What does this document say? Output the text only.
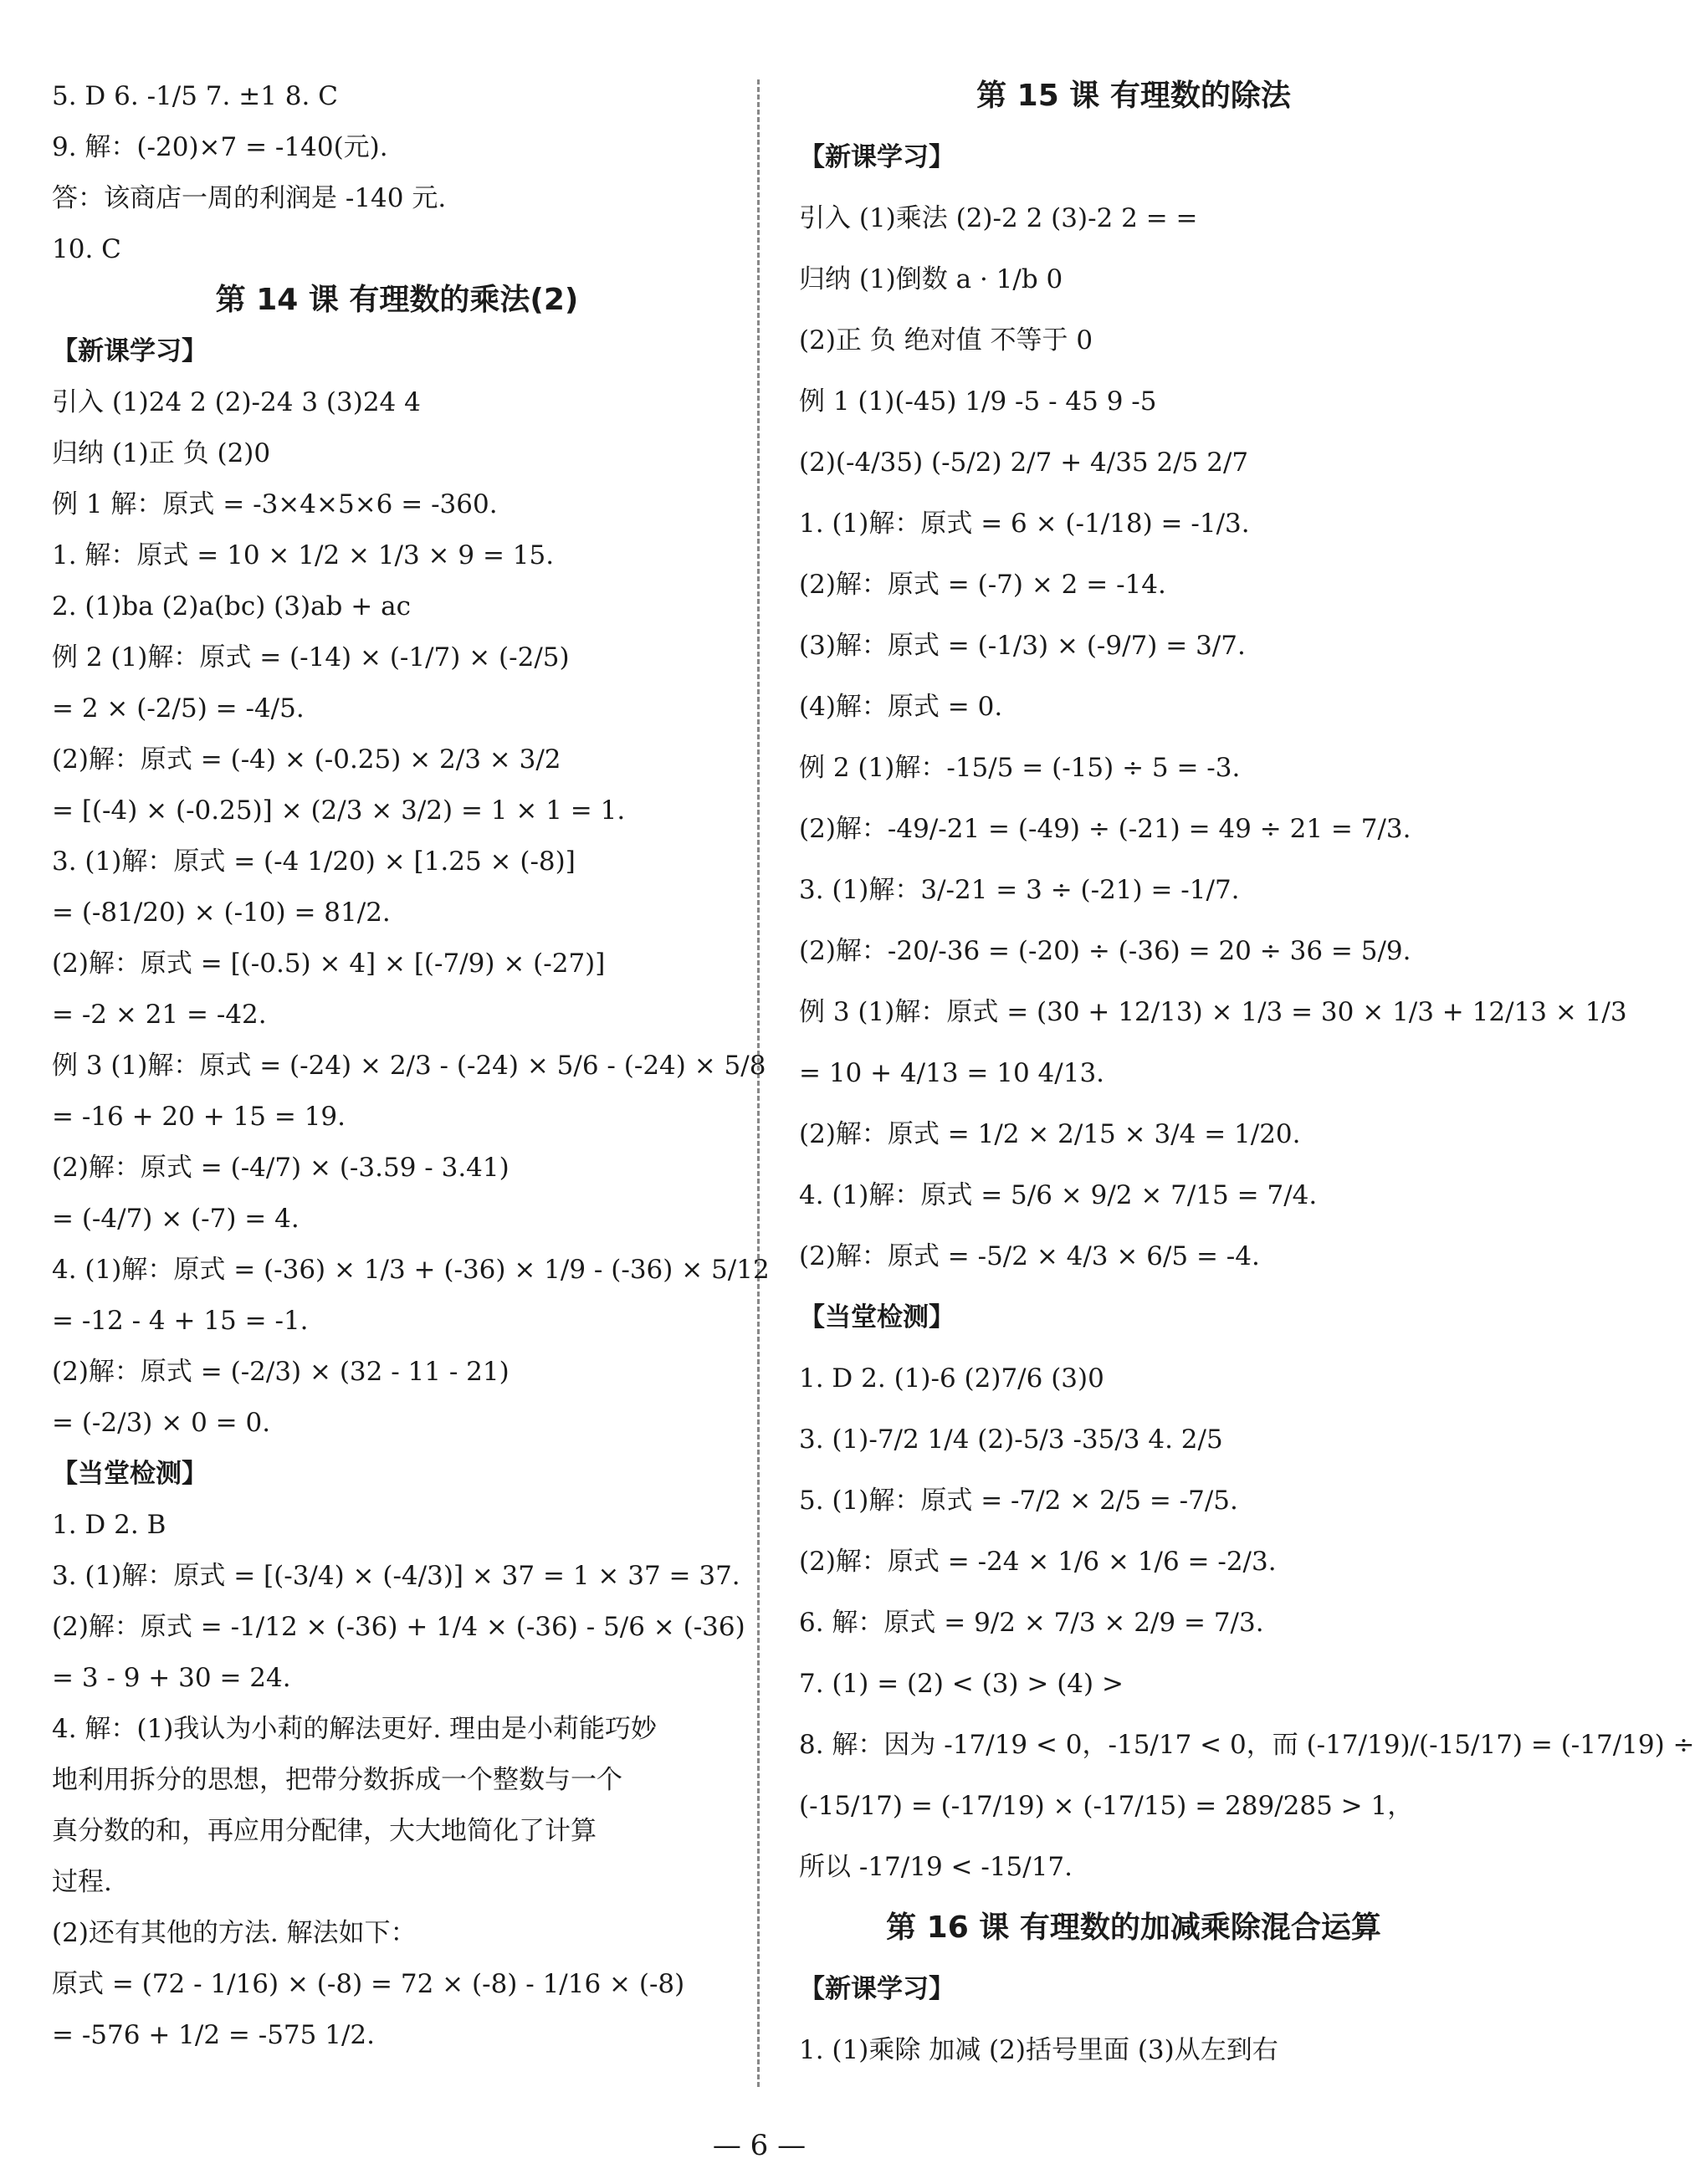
5. D 6. -1/5 7. ±1 8. C
9. 解：(-20)×7 = -140(元).
答：该商店一周的利润是 -140 元.
10. C
第 14 课 有理数的乘法(2)
【新课学习】
引入 (1)24 2 (2)-24 3 (3)24 4
归纳 (1)正 负 (2)0
例 1 解：原式 = -3×4×5×6 = -360.
1. 解：原式 = 10 × 1/2 × 1/3 × 9 = 15.
2. (1)ba (2)a(bc) (3)ab + ac
例 2 (1)解：原式 = (-14) × (-1/7) × (-2/5)
= 2 × (-2/5) = -4/5.
(2)解：原式 = (-4) × (-0.25) × 2/3 × 3/2
= [(-4) × (-0.25)] × (2/3 × 3/2) = 1 × 1 = 1.
3. (1)解：原式 = (-4 1/20) × [1.25 × (-8)]
= (-81/20) × (-10) = 81/2.
(2)解：原式 = [(-0.5) × 4] × [(-7/9) × (-27)]
= -2 × 21 = -42.
例 3 (1)解：原式 = (-24) × 2/3 - (-24) × 5/6 - (-24) × 5/8
= -16 + 20 + 15 = 19.
(2)解：原式 = (-4/7) × (-3.59 - 3.41)
= (-4/7) × (-7) = 4.
4. (1)解：原式 = (-36) × 1/3 + (-36) × 1/9 - (-36) × 5/12
= -12 - 4 + 15 = -1.
(2)解：原式 = (-2/3) × (32 - 11 - 21)
= (-2/3) × 0 = 0.
【当堂检测】
1. D 2. B
3. (1)解：原式 = [(-3/4) × (-4/3)] × 37 = 1 × 37 = 37.
(2)解：原式 = -1/12 × (-36) + 1/4 × (-36) - 5/6 × (-36)
= 3 - 9 + 30 = 24.
4. 解：(1)我认为小莉的解法更好. 理由是小莉能巧妙
地利用拆分的思想，把带分数拆成一个整数与一个
真分数的和，再应用分配律，大大地简化了计算
过程.
(2)还有其他的方法. 解法如下：
原式 = (72 - 1/16) × (-8) = 72 × (-8) - 1/16 × (-8)
= -576 + 1/2 = -575 1/2.
第 15 课 有理数的除法
【新课学习】
引入 (1)乘法 (2)-2 2 (3)-2 2 = =
归纳 (1)倒数 a · 1/b 0
(2)正 负 绝对值 不等于 0
例 1 (1)(-45) 1/9 -5 - 45 9 -5
(2)(-4/35) (-5/2) 2/7 + 4/35 2/5 2/7
1. (1)解：原式 = 6 × (-1/18) = -1/3.
(2)解：原式 = (-7) × 2 = -14.
(3)解：原式 = (-1/3) × (-9/7) = 3/7.
(4)解：原式 = 0.
例 2 (1)解：-15/5 = (-15) ÷ 5 = -3.
(2)解：-49/-21 = (-49) ÷ (-21) = 49 ÷ 21 = 7/3.
3. (1)解：3/-21 = 3 ÷ (-21) = -1/7.
(2)解：-20/-36 = (-20) ÷ (-36) = 20 ÷ 36 = 5/9.
例 3 (1)解：原式 = (30 + 12/13) × 1/3 = 30 × 1/3 + 12/13 × 1/3
= 10 + 4/13 = 10 4/13.
(2)解：原式 = 1/2 × 2/15 × 3/4 = 1/20.
4. (1)解：原式 = 5/6 × 9/2 × 7/15 = 7/4.
(2)解：原式 = -5/2 × 4/3 × 6/5 = -4.
【当堂检测】
1. D 2. (1)-6 (2)7/6 (3)0
3. (1)-7/2 1/4 (2)-5/3 -35/3 4. 2/5
5. (1)解：原式 = -7/2 × 2/5 = -7/5.
(2)解：原式 = -24 × 1/6 × 1/6 = -2/3.
6. 解：原式 = 9/2 × 7/3 × 2/9 = 7/3.
7. (1) = (2) < (3) > (4) >
8. 解：因为 -17/19 < 0，-15/17 < 0，而 (-17/19)/(-15/17) = (-17/19) ÷
(-15/17) = (-17/19) × (-17/15) = 289/285 > 1，
所以 -17/19 < -15/17.
第 16 课 有理数的加减乘除混合运算
【新课学习】
1. (1)乘除 加减 (2)括号里面 (3)从左到右
— 6 —
